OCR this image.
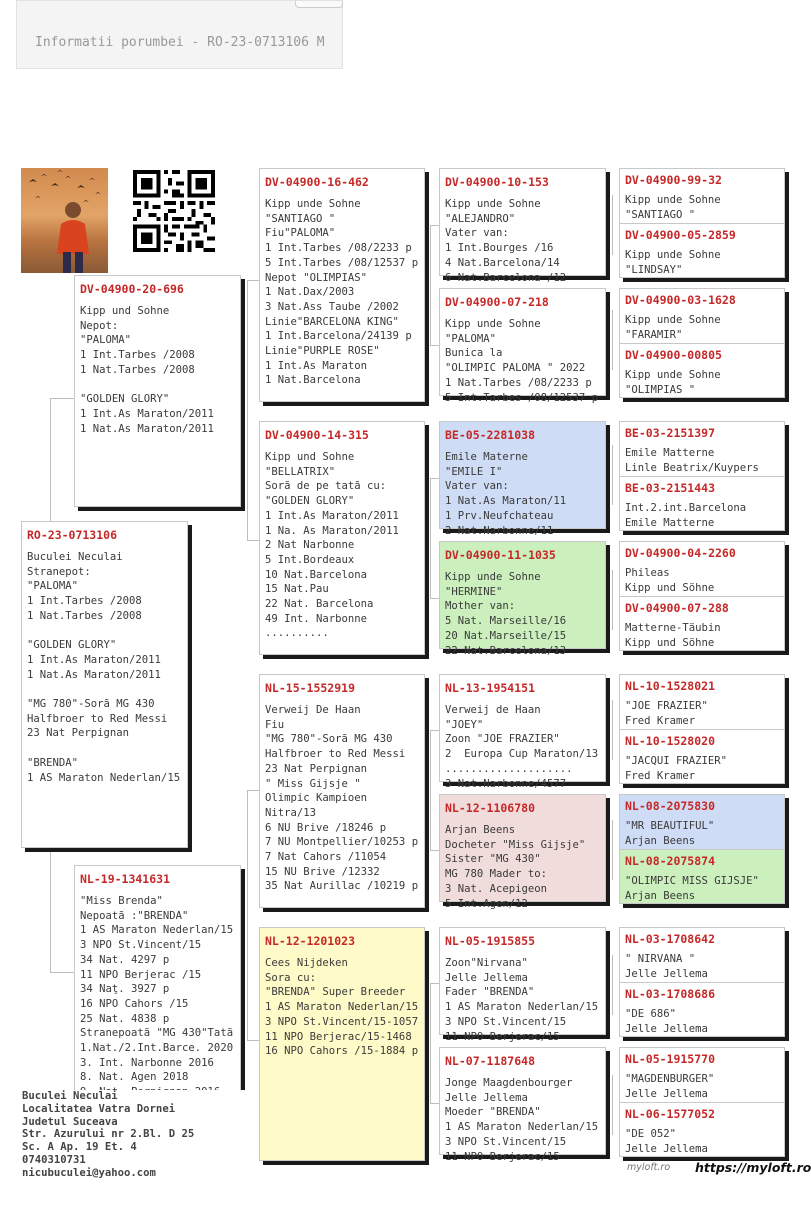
Informatii porumbei - RO-23-0713106 M
RO-23-0713106
Buculei Neculai
Stranepot:
"PALOMA"
1 Int.Tarbes /2008
1 Nat.Tarbes /2008

"GOLDEN GLORY"
1 Int.As Maraton/2011
1 Nat.As Maraton/2011

"MG 780"-Sorã MG 430
Halfbroer to Red Messi
23 Nat Perpignan

"BRENDA"
1 AS Maraton Nederlan/15
DV-04900-20-696
Kipp und Sohne
Nepot:
"PALOMA"
1 Int.Tarbes /2008
1 Nat.Tarbes /2008

"GOLDEN GLORY"
1 Int.As Maraton/2011
1 Nat.As Maraton/2011
NL-19-1341631
"Miss Brenda"
Nepoatã :"BRENDA"
1 AS Maraton Nederlan/15
3 NPO St.Vincent/15
34 Nat. 4297 p
11 NPO Berjerac /15
34 Naţ. 3927 p
16 NPO Cahors /15
25 Nat. 4838 p
Stranepoatã "MG 430"Tatã
1.Nat./2.Int.Barce. 2020
3. Int. Narbonne 2016
8. Nat. Agen 2018
DV-04900-16-462
Kipp unde Sohne
"SANTIAGO "
Fiu"PALOMA"
1 Int.Tarbes /08/2233 p
5 Int.Tarbes /08/12537 p
Nepot "OLIMPIAS"
1 Nat.Dax/2003
3 Nat.Ass Taube /2002
Linie"BARCELONA KING"
1 Int.Barcelona/24139 p
Linie"PURPLE ROSE"
1 Int.As Maraton
1 Nat.Barcelona
DV-04900-14-315
Kipp und Sohne
"BELLATRIX"
Sorã de pe tatã cu:
"GOLDEN GLORY"
1 Int.As Maraton/2011
1 Na. As Maraton/2011
2 Nat Narbonne
5 Int.Bordeaux
10 Nat.Barcelona
15 Nat.Pau
22 Nat. Barcelona
49 Int. Narbonne
..........
NL-15-1552919
Verweij De Haan
Fiu
"MG 780"-Sorã MG 430
Halfbroer to Red Messi
23 Nat Perpignan
" Miss Gijsje "
Olimpic Kampioen
Nitra/13
6 NU Brive /18246 p
7 NU Montpellier/10253 p
7 Nat Cahors /11054
15 NU Brive /12332
35 Nat Aurillac /10219 p
NL-12-1201023
Cees Nijdeken
Sora cu:
"BRENDA" Super Breeder
1 AS Maraton Nederlan/15
3 NPO St.Vincent/15-1057
11 NPO Berjerac/15-1468
16 NPO Cahors /15-1884 p
DV-04900-10-153
Kipp unde Sohne
"ALEJANDRO"
Vater van:
1 Int.Bourges /16
4 Nat.Barcelona/14
6 Nat.Barcelona /12
DV-04900-07-218
Kipp unde Sohne
"PALOMA"
Bunica la
"OLIMPIC PALOMA " 2022
1 Nat.Tarbes /08/2233 p
5 Int.Tarbes /08/12537 p
BE-05-2281038
Emile Materne
"EMILE I"
Vater van:
1 Nat.As Maraton/11
1 Prv.Neufchateau
2 Nat.Narbonne/11
DV-04900-11-1035
Kipp unde Sohne
"HERMINE"
Mother van:
5 Nat. Marseille/16
20 Nat.Marseille/15
22 Nat.Barcelona/13
NL-13-1954151
Verweij de Haan
"JOEY"
Zoon "JOE FRAZIER"
2  Europa Cup Maraton/13
....................
3 Nat.Narbonne/4577
NL-12-1106780
Arjan Beens
Docheter "Miss Gijsje"
Sister "MG 430"
MG 780 Mader to:
3 Nat. Acepigeon
5 Int.Agen/12
NL-05-1915855
Zoon"Nirvana"
Jelle Jellema
Fader "BRENDA"
1 AS Maraton Nederlan/15
3 NPO St.Vincent/15
11 NPO Berjerac/15
NL-07-1187648
Jonge Maagdenbourger
Jelle Jellema
Moeder "BRENDA"
1 AS Maraton Nederlan/15
3 NPO St.Vincent/15
11 NPO Berjerac/15
DV-04900-99-32
Kipp unde Sohne
"SANTIAGO "
DV-04900-05-2859
Kipp unde Sohne
"LINDSAY"
DV-04900-03-1628
Kipp unde Sohne
"FARAMIR"
DV-04900-00805
Kipp unde Sohne
"OLIMPIAS "
BE-03-2151397
Emile Matterne
Linle Beatrix/Kuypers
BE-03-2151443
Int.2.int.Barcelona
Emile Matterne
DV-04900-04-2260
Phileas
Kipp und Söhne
DV-04900-07-288
Matterne-Täubin
Kipp und Söhne
NL-10-1528021
"JOE FRAZIER"
Fred Kramer
NL-10-1528020
"JACQUI FRAZIER"
Fred Kramer
NL-08-2075830
"MR BEAUTIFUL"
Arjan Beens
NL-08-2075874
"OLIMPIC MISS GIJSJE"
Arjan Beens
NL-03-1708642
" NIRVANA "
Jelle Jellema
NL-03-1708686
"DE 686"
Jelle Jellema
NL-05-1915770
"MAGDENBURGER"
Jelle Jellema
NL-06-1577052
"DE 052"
Jelle Jellema
Buculei Neculai
Localitatea Vatra Dornei
Judetul Suceava
Str. Azurului nr 2.Bl. D 25
Sc. A Ap. 19 Et. 4
0740310731
nicubuculei@yahoo.com	myloft.ro https://myloft.ro
